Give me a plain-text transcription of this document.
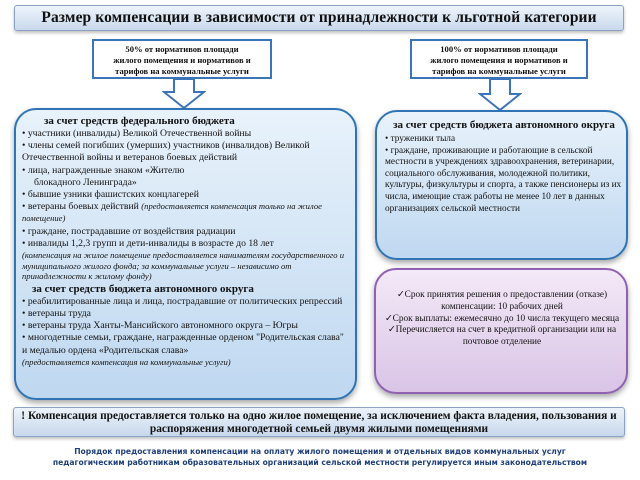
Размер компенсации в зависимости от принадлежности к льготной категории
50% от нормативов площади
жилого помещения и нормативов и
тарифов на коммунальные услуги
100% от нормативов площади
жилого помещения и нормативов и
тарифов на коммунальные услуги
за счет средств федерального бюджета
• участники (инвалиды) Великой Отечественной войны
• члены семей погибших (умерших) участников (инвалидов) Великой Отечественной войны и ветеранов боевых действий
• лица, награжденные знаком «Жителю
блокадного Ленинграда»
• бывшие узники фашистских концлагерей
• ветераны боевых действий (предоставляется компенсация только на жилое помещение)
• граждане, пострадавшие от воздействия радиации
• инвалиды 1,2,3 групп и дети-инвалиды в возрасте до 18 лет
(компенсация на жилое помещение предоставляется нанимателям государственного и муниципального жилого фонда; за коммунальные услуги – независимо от принадлежности к жилому фонду)
за счет средств бюджета автономного округа
• реабилитированные лица и лица, пострадавшие от политических репрессий
• ветераны труда
• ветераны труда Ханты-Мансийского автономного округа – Югры
• многодетные семьи, граждане, награжденные орденом "Родительская слава" и медалью ордена «Родительская слава»
(предоставляется компенсация на коммунальные услуги)
за счет средств бюджета автономного округа
• труженики тыла
• граждане, проживающие и работающие в сельской местности в учреждениях здравоохранения, ветеринарии, социального обслуживания, молодежной политики, культуры, физкультуры и спорта, а также пенсионеры из их числа, имеющие стаж работы не менее 10 лет в данных организациях сельской местности
✓Срок принятия решения о предоставлении (отказе) компенсации: 10 рабочих дней
✓Срок выплаты: ежемесячно до 10 числа текущего месяца
✓Перечисляется на счет в кредитной организации или на почтовое отделение
! Компенсация предоставляется только на одно жилое помещение, за исключением факта владения, пользования и распоряжения многодетной семьей двумя жилыми помещениями
Порядок предоставления компенсации на оплату жилого помещения и отдельных видов коммунальных услуг
педагогическим работникам образовательных организаций сельской местности регулируется иным законодательством
